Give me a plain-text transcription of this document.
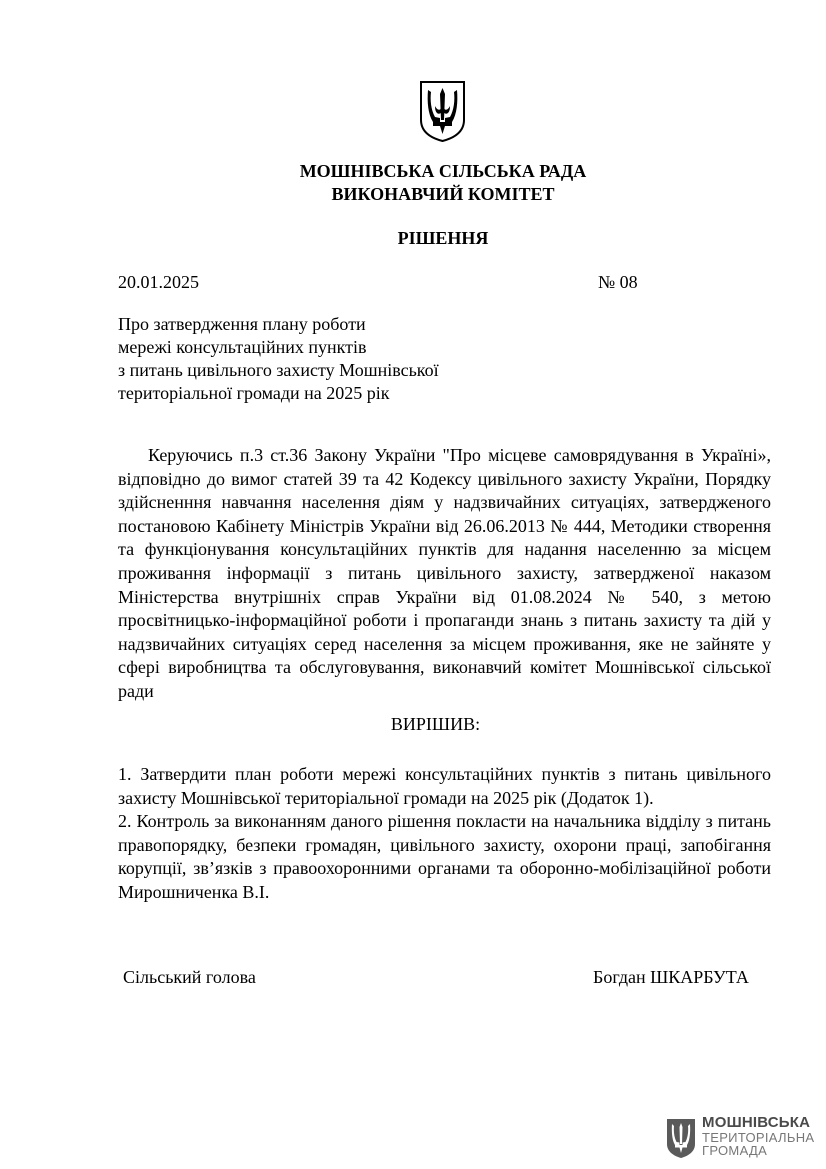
МОШНІВСЬКА СІЛЬСЬКА РАДА
ВИКОНАВЧИЙ КОМІТЕТ
РІШЕННЯ
20.01.2025	№ 08
Про затвердження плану роботи
мережі консультаційних пунктів
з питань цивільного захисту Мошнівської
територіальної громади на 2025 рік
Керуючись п.3 ст.36 Закону України "Про місцеве самоврядування в Україні», відповідно до вимог статей 39 та 42 Кодексу цивільного захисту України, Порядку здійсненння навчання населення діям у надзвичайних ситуаціях, затвердженого постановою Кабінету Міністрів України від 26.06.2013 № 444, Методики створення та функціонування консультаційних пунктів для надання населенню за місцем проживання інформації з питань цивільного захисту, затвердженої наказом Міністерства внутрішніх справ України від 01.08.2024 № 540, з метою просвітницько-інформаційної роботи і пропаганди знань з питань захисту та дій у надзвичайних ситуаціях серед населення за місцем проживання, яке не зайняте у сфері виробництва та обслуговування, виконавчий комітет Мошнівської сільської ради
ВИРІШИВ:

1. Затвердити план роботи мережі консультаційних пунктів з питань цивільного захисту Мошнівської територіальної громади на 2025 рік (Додаток 1).

2. Контроль за виконанням даного рішення покласти на начальника відділу з питань правопорядку, безпеки громадян, цивільного захисту, охорони праці, запобігання корупції, зв’язків з правоохоронними органами та оборонно-мобілізаційної роботи Мирошниченка В.І.

Сільський голова	Богдан ШКАРБУТА
МОШНІВСЬКА
ТЕРИТОРІАЛЬНА
ГРОМАДА
